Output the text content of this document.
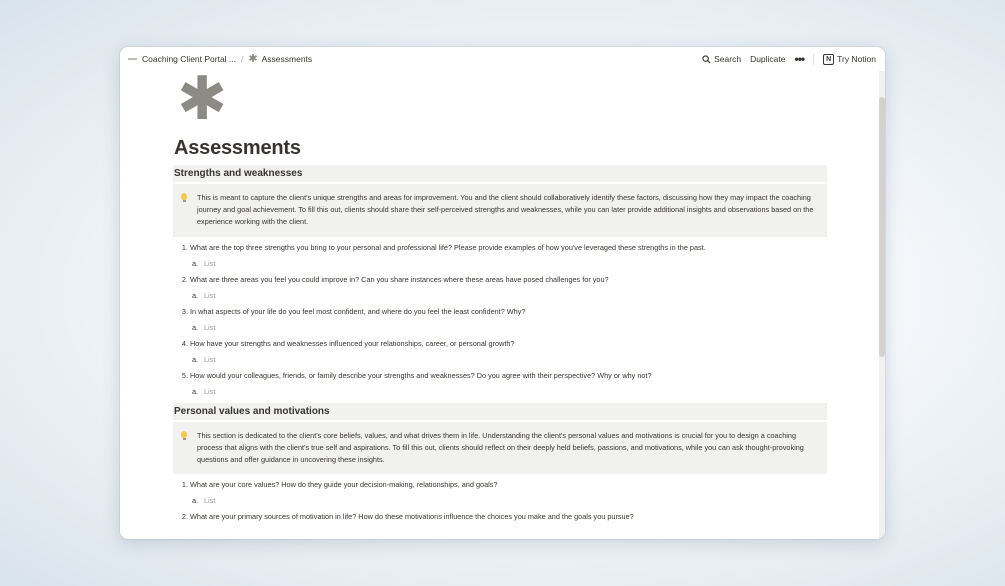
Coaching Client Portal ... / ✱ Assessments	Search Duplicate •••	N Try Notion
✱
Assessments
Strengths and weaknesses
This is meant to capture the client's unique strengths and areas for improvement. You and the client should collaboratively identify these factors, discussing how they may impact the coaching journey and goal achievement. To fill this out, clients should share their self-perceived strengths and weaknesses, while you can later provide additional insights and observations based on the experience working with the client.
1. What are the top three strengths you bring to your personal and professional life? Please provide examples of how you've leveraged these strengths in the past.
a. List
2. What are three areas you feel you could improve in? Can you share instances where these areas have posed challenges for you?
a. List
3. In what aspects of your life do you feel most confident, and where do you feel the least confident? Why?
a. List
4. How have your strengths and weaknesses influenced your relationships, career, or personal growth?
a. List
5. How would your colleagues, friends, or family describe your strengths and weaknesses? Do you agree with their perspective? Why or why not?
a. List
Personal values and motivations
This section is dedicated to the client's core beliefs, values, and what drives them in life. Understanding the client's personal values and motivations is crucial for you to design a coaching process that aligns with the client's true self and aspirations. To fill this out, clients should reflect on their deeply held beliefs, passions, and motivations, while you can ask thought-provoking questions and offer guidance in uncovering these insights.
1. What are your core values? How do they guide your decision-making, relationships, and goals?
a. List
2. What are your primary sources of motivation in life? How do these motivations influence the choices you make and the goals you pursue?
